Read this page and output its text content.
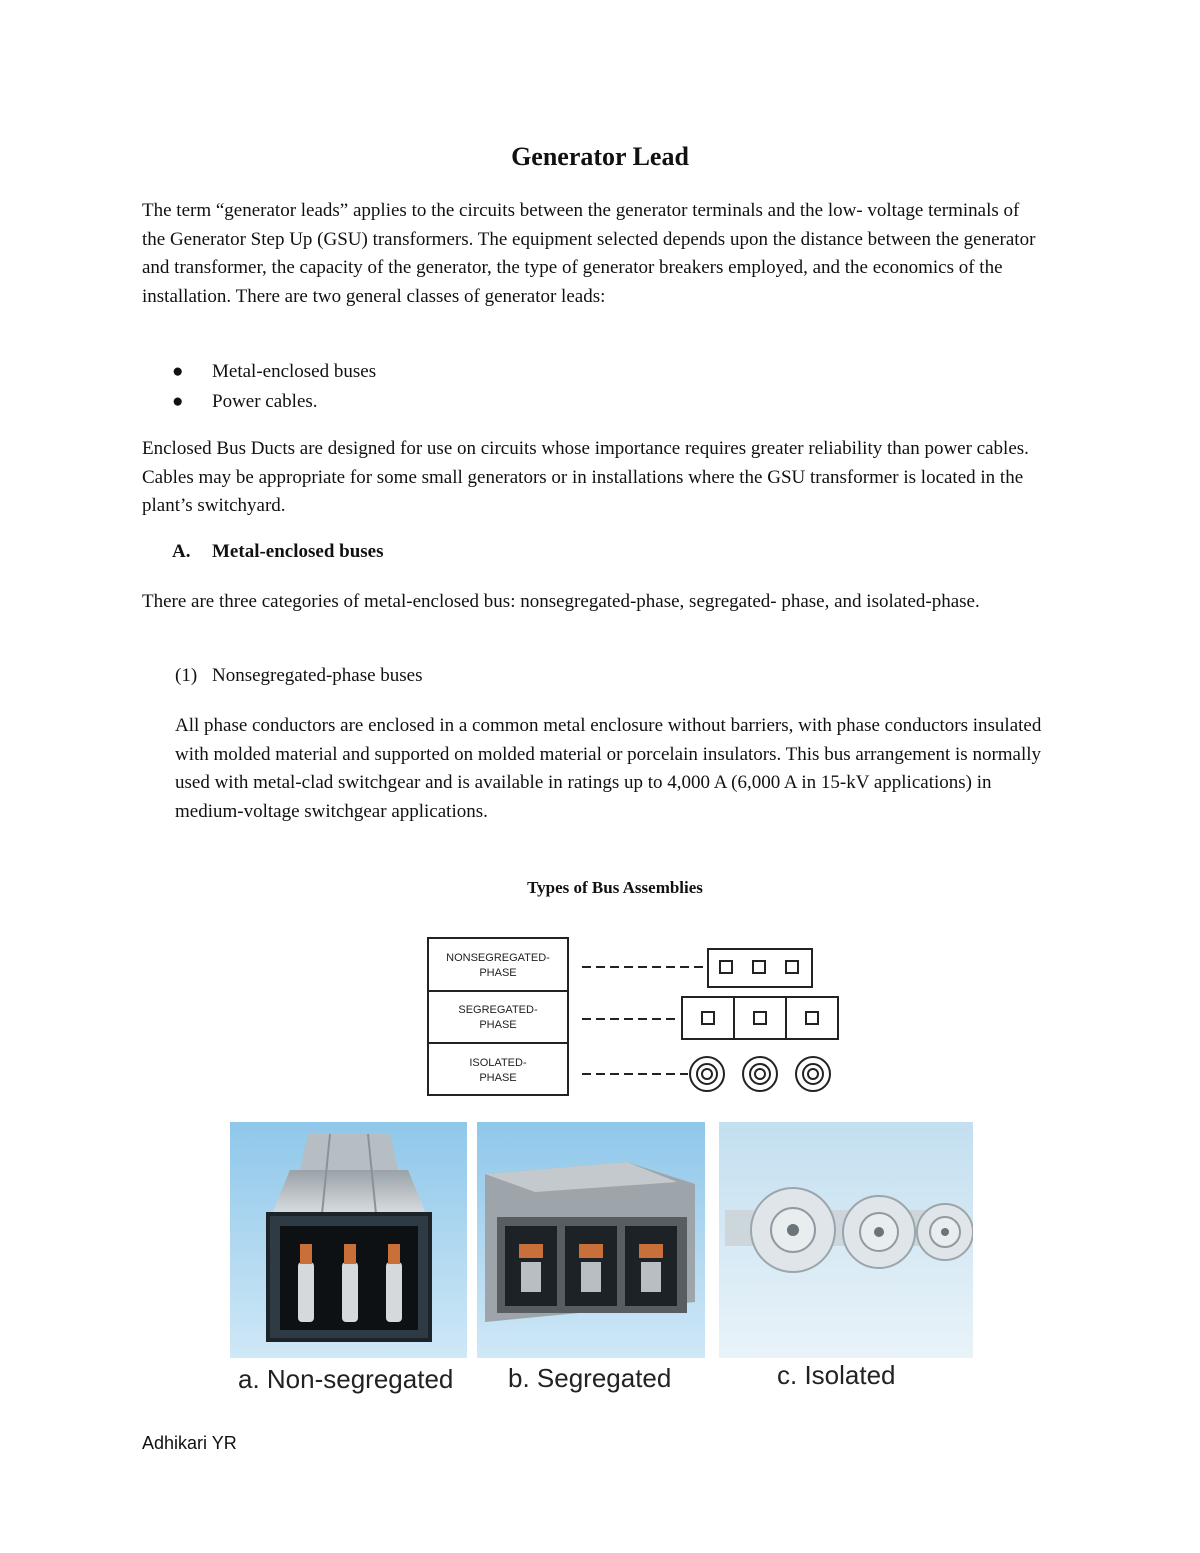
Generator Lead

The term “generator leads” applies to the circuits between the generator terminals and the low- voltage terminals of the Generator Step Up (GSU) transformers. The equipment selected depends upon the distance between the generator and transformer, the capacity of the generator, the type of generator breakers employed, and the economics of the installation. There are two general classes of generator leads:

● Metal-enclosed buses
● Power cables.

Enclosed Bus Ducts are designed for use on circuits whose importance requires greater reliability than power cables. Cables may be appropriate for some small generators or in installations where the GSU transformer is located in the plant’s switchyard.

A. Metal-enclosed buses

There are three categories of metal-enclosed bus: nonsegregated-phase, segregated- phase, and isolated-phase.

(1) Nonsegregated-phase buses

All phase conductors are enclosed in a common metal enclosure without barriers, with phase conductors insulated with molded material and supported on molded material or porcelain insulators. This bus arrangement is normally used with metal-clad switchgear and is available in ratings up to 4,000 A (6,000 A in 15-kV applications) in medium-voltage switchgear applications.

Types of Bus Assemblies
NONSEGREGATED-
PHASE
SEGREGATED-
PHASE
ISOLATED-
PHASE
a. Non-segregated b. Segregated	c. Isolated
Adhikari YR
